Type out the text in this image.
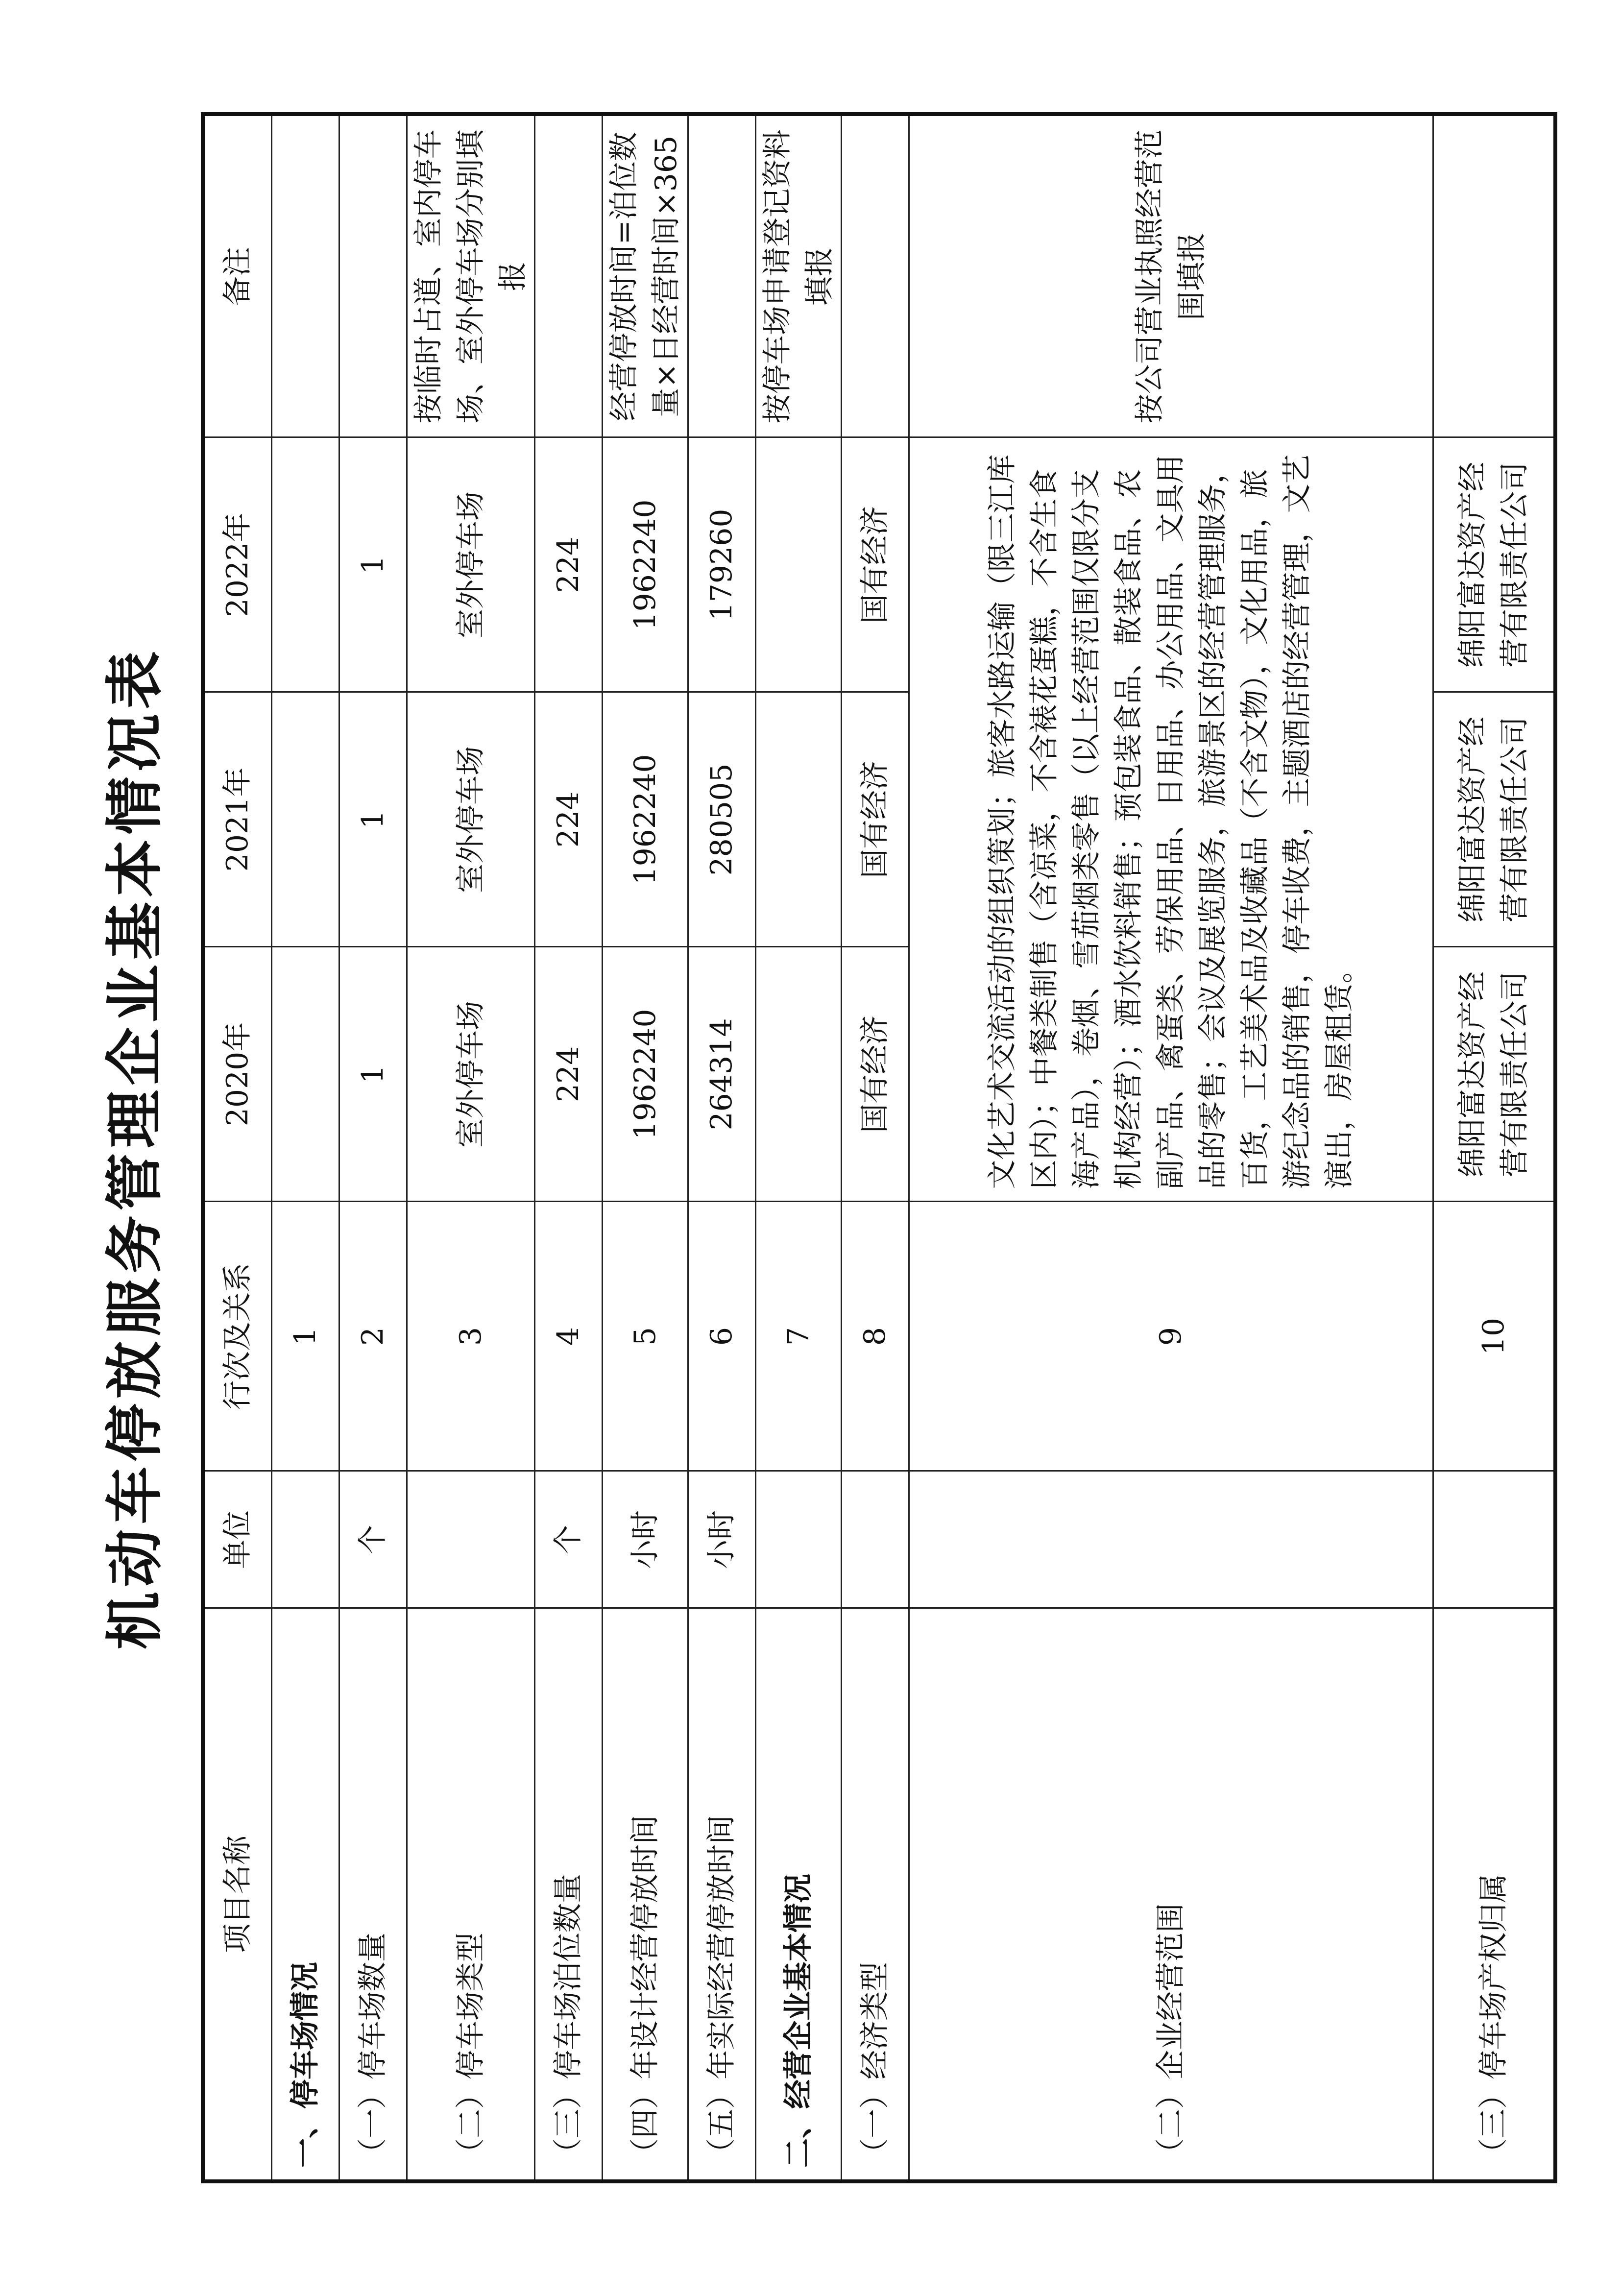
机动车停放服务管理企业基本情况表
项目名称	单位	行次及关系	2020年	2021年	2022年	备注
一、停车场情况		1				
（一）停车场数量	个	2	1	1	1	
（二）停车场类型		3	室外停车场	室外停车场	室外停车场	按临时占道、室内停车场、室外停车场分别填报
（三）停车场泊位数量	个	4	224	224	224	
（四）年设计经营停放时间	小时	5	1962240	1962240	1962240	经营停放时间=泊位数量×日经营时间×365
（五）年实际经营停放时间	小时	6	264314	280505	179260	
二、经营企业基本情况		7				按停车场申请登记资料填报
（一）经济类型		8	国有经济	国有经济	国有经济	
（二）企业经营范围		9	文化艺术交流活动的组织策划；旅客水路运输（限三江库区内）；中餐类制售（含凉菜，不含裱花蛋糕，不含生食海产品），卷烟、雪茄烟类零售（以上经营范围仅限分支机构经营）；酒水饮料销售；预包装食品、散装食品、农副产品、禽蛋类、劳保用品、日用品、办公用品、文具用品的零售；会议及展览服务，旅游景区的经营管理服务，百货，工艺美术品及收藏品（不含文物），文化用品，旅游纪念品的销售，停车收费，主题酒店的经营管理，文艺演出，房屋租赁。			按公司营业执照经营范围填报
（三）停车场产权归属		10	绵阳富达资产经营有限责任公司	绵阳富达资产经营有限责任公司	绵阳富达资产经营有限责任公司	
